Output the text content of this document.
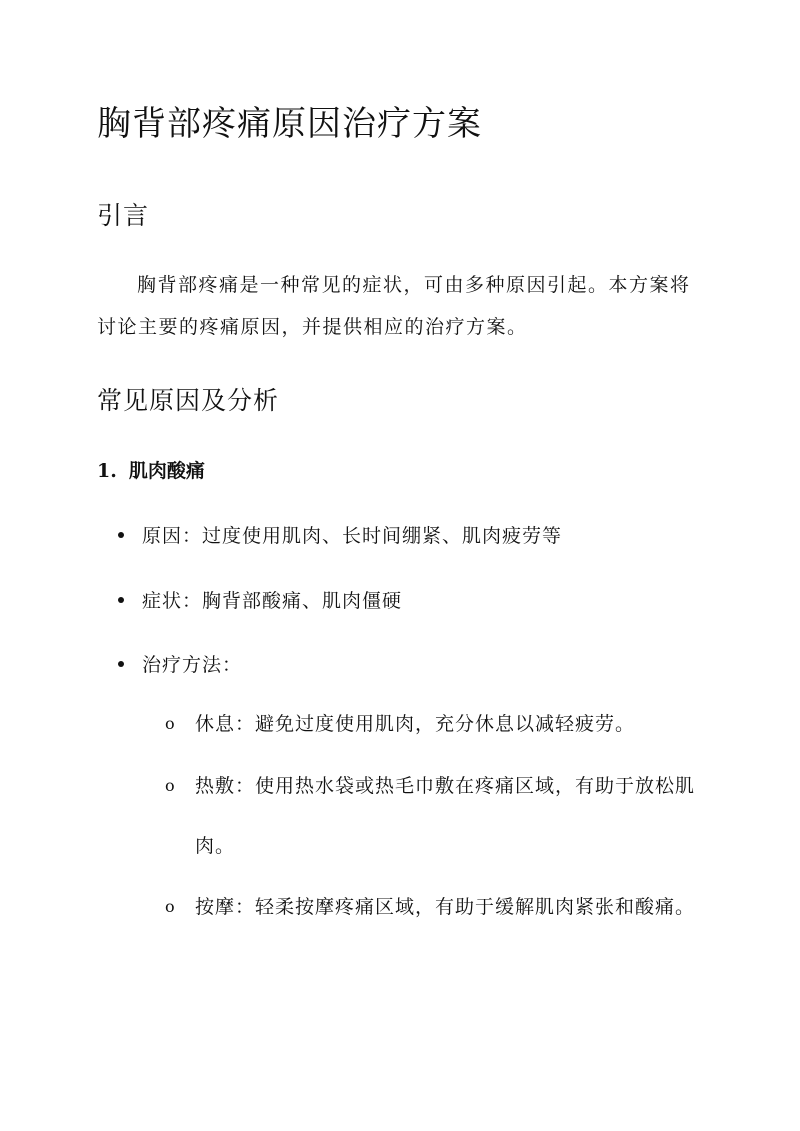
胸背部疼痛原因治疗方案
引言

胸背部疼痛是一种常见的症状，可由多种原因引起。本方案将讨论主要的疼痛原因，并提供相应的治疗方案。

常见原因及分析
1. 肌肉酸痛
原因：过度使用肌肉、长时间绷紧、肌肉疲劳等
症状：胸背部酸痛、肌肉僵硬
治疗方法：
o	休息：避免过度使用肌肉，充分休息以减轻疲劳。
o	热敷：使用热水袋或热毛巾敷在疼痛区域，有助于放松肌肉。
o	按摩：轻柔按摩疼痛区域，有助于缓解肌肉紧张和酸痛。
